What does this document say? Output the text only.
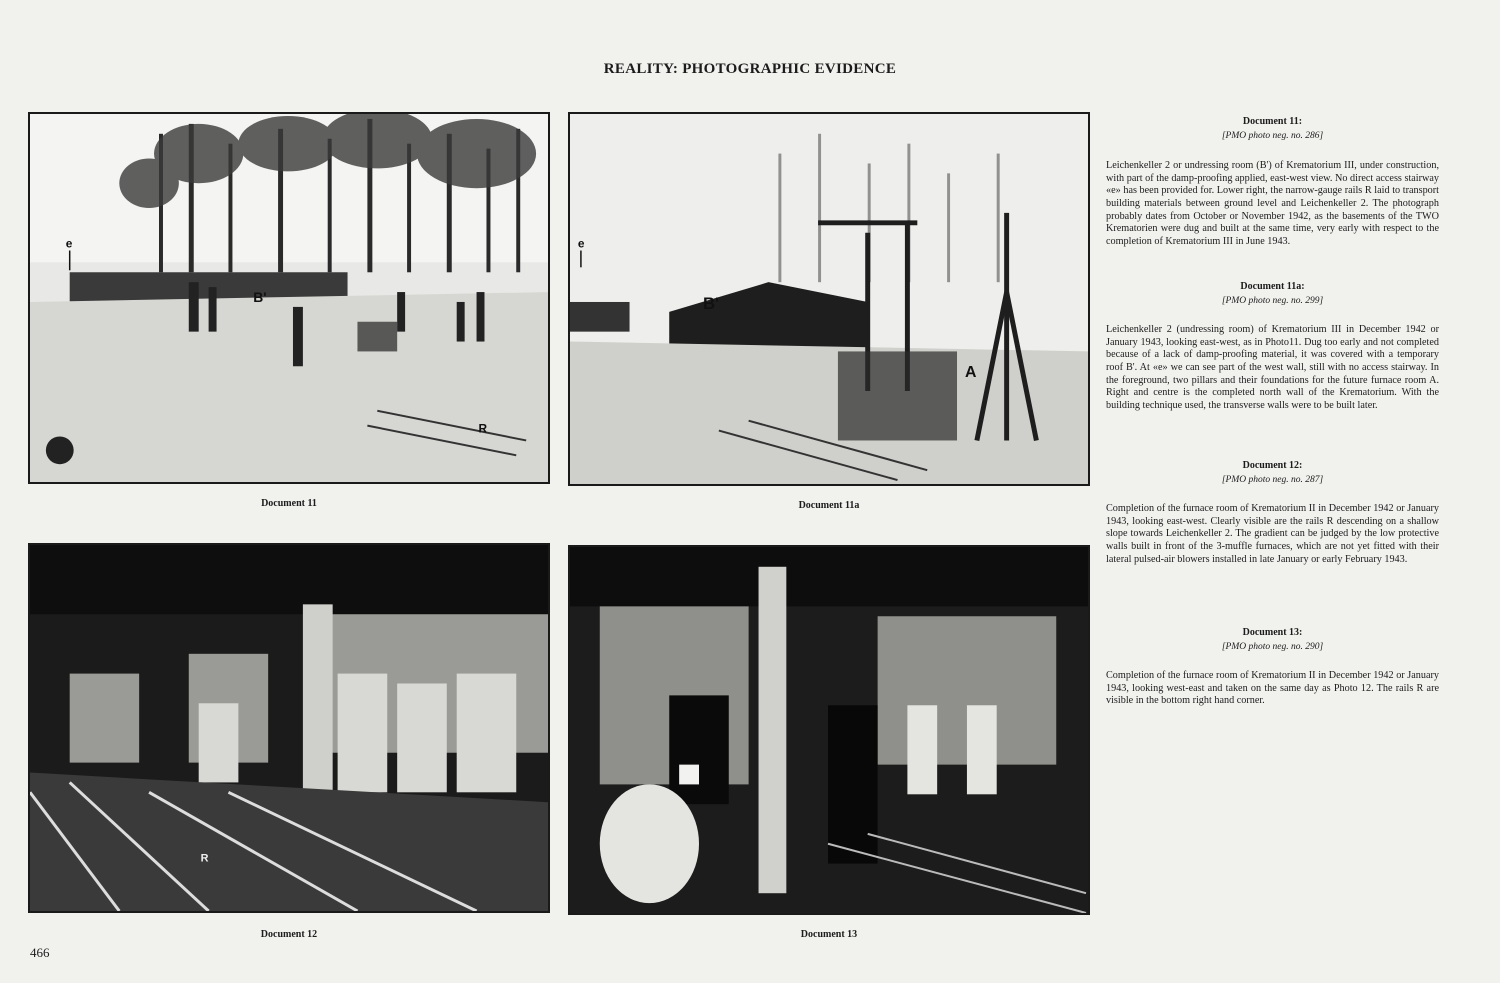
REALITY: PHOTOGRAPHIC EVIDENCE
e
B'
R
Document 11
e
B'
A
Document 11a
R
Document 12	Document 13
Document 11:
[PMO photo neg. no. 286]
Leichenkeller 2 or undressing room (B') of Krematorium III, under construction, with part of the damp-proofing applied, east-west view. No direct access stairway «e» has been provided for. Lower right, the narrow-gauge rails R laid to transport building materials between ground level and Leichenkeller 2. The photograph probably dates from October or November 1942, as the basements of the TWO Krematorien were dug and built at the same time, very early with respect to the completion of Krematorium III in June 1943.
Document 11a:
[PMO photo neg. no. 299]
Leichenkeller 2 (undressing room) of Krematorium III in December 1942 or January 1943, looking east-west, as in Photo11. Dug too early and not completed because of a lack of damp-proofing material, it was covered with a temporary roof B'. At «e» we can see part of the west wall, still with no access stairway. In the foreground, two pillars and their foundations for the future furnace room A. Right and centre is the completed north wall of the Krematorium. With the building technique used, the transverse walls were to be built later.
Document 12:
[PMO photo neg. no. 287]
Completion of the furnace room of Krematorium II in December 1942 or January 1943, looking east-west. Clearly visible are the rails R descending on a shallow slope towards Leichenkeller 2. The gradient can be judged by the low protective walls built in front of the 3-muffle furnaces, which are not yet fitted with their lateral pulsed-air blowers installed in late January or early February 1943.
Document 13:
[PMO photo neg. no. 290]
Completion of the furnace room of Krematorium II in December 1942 or January 1943, looking west-east and taken on the same day as Photo 12. The rails R are visible in the bottom right hand corner.
466
